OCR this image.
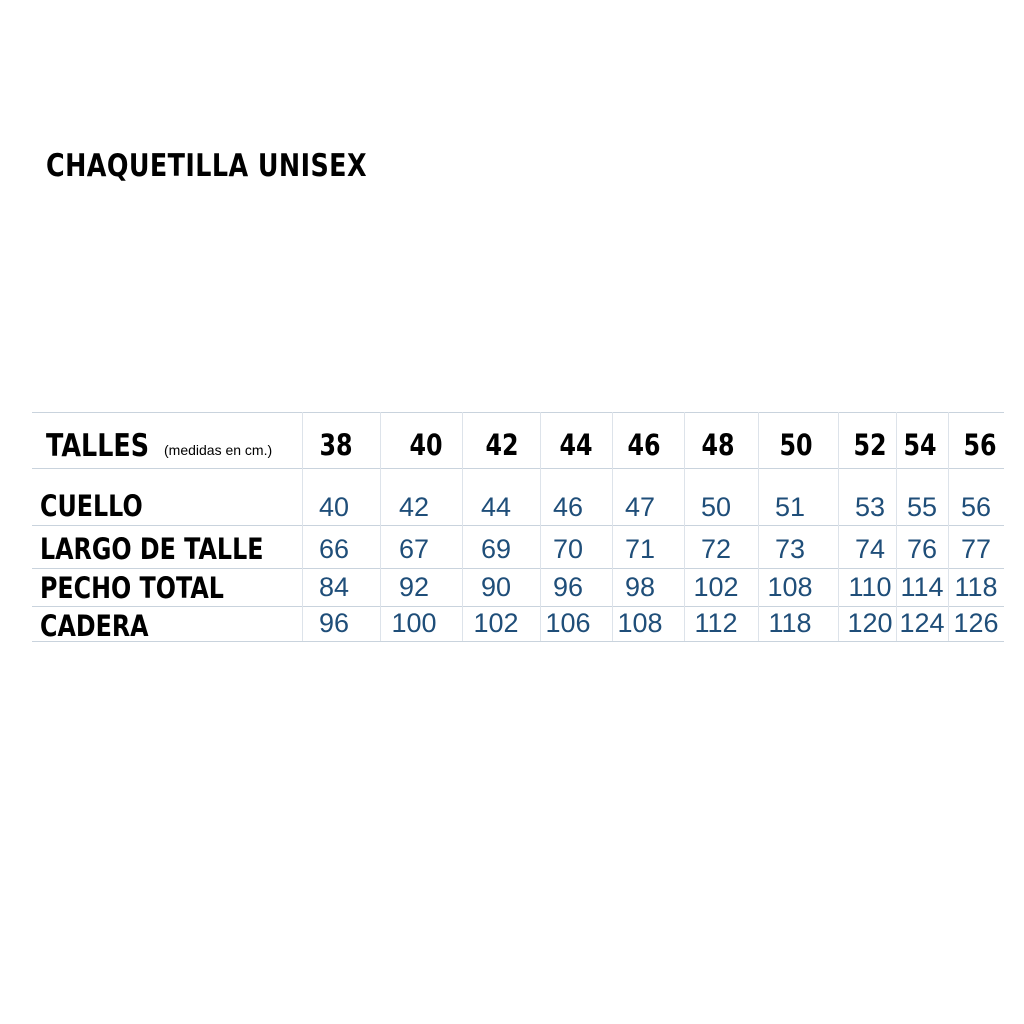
CHAQUETILLA UNISEX
TALLES (medidas en cm.) 38 40 42 44 46 48 50 52 54 56
CUELLO
LARGO DE TALLE
PECHO TOTAL
CADERA
40 42 44 46 47 50 51 53 55 56
66 67 69 70 71 72 73 74 76 77
84 92 90 96 98 102 108 110 114 118
96 100 102 106 108 112 118 120 124 126
